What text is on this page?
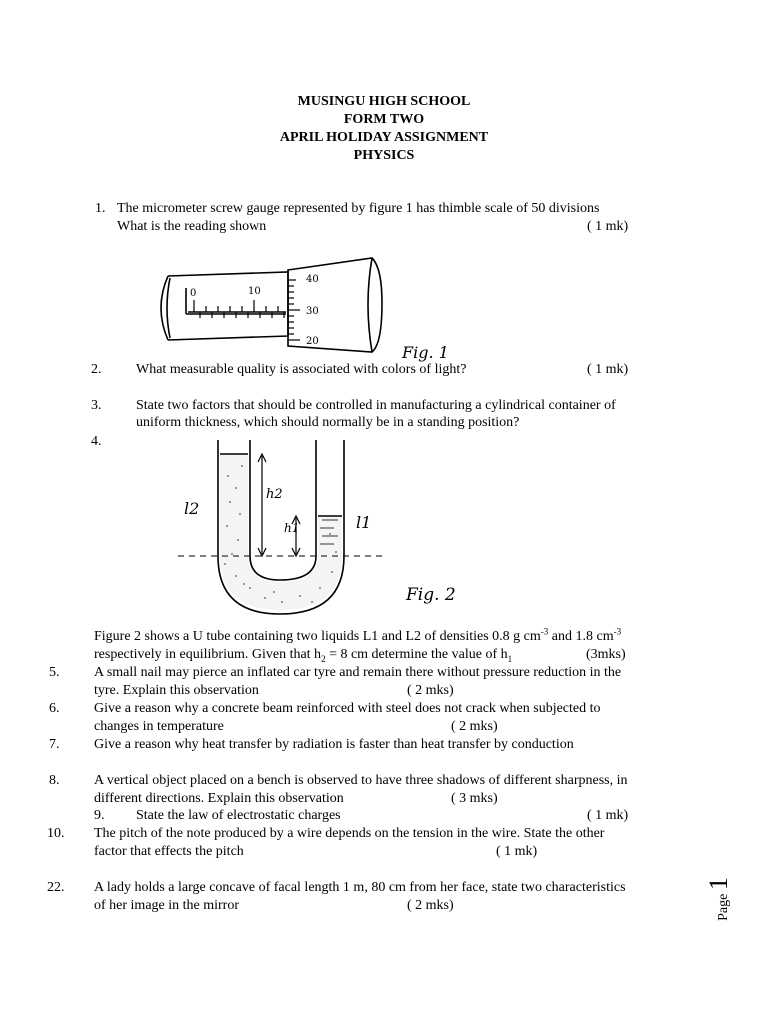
MUSINGU HIGH SCHOOL
FORM TWO
APRIL HOLIDAY ASSIGNMENT
PHYSICS
1. The micrometer screw gauge represented by figure 1 has thimble scale of 50 divisions
What is the reading shown	( 1 mk)
0	10
40
30
20
Fig. 1
2. What measurable quality is associated with colors of light?	( 1 mk)
3. State two factors that should be controlled in manufacturing a cylindrical container of
uniform thickness, which should normally be in a standing position?
4.
h2
h1
l2
l1
Fig. 2
Figure 2 shows a U tube containing two liquids L1 and L2 of densities 0.8 g $cm^{-3}$ and 1.8 $cm^{-3}$
respectively in equilibrium. Given that $h_2 = 8$ cm determine the value of $h_1$	(3mks)
5. A small nail may pierce an inflated car tyre and remain there without pressure reduction in the
tyre. Explain this observation	( 2 mks)
6. Give a reason why a concrete beam reinforced with steel does not crack when subjected to
changes in temperature	( 2 mks)
7. Give a reason why heat transfer by radiation is faster than heat transfer by conduction
8. A vertical object placed on a bench is observed to have three shadows of different sharpness, in
different directions. Explain this observation	( 3 mks)
9. State the law of electrostatic charges	( 1 mk)
10. The pitch of the note produced by a wire depends on the tension in the wire. State the other
factor that effects the pitch	( 1 mk)
22. A lady holds a large concave of facal length 1 m, 80 cm from her face, state two characteristics
of her image in the mirror	( 2 mks)	Page 1
